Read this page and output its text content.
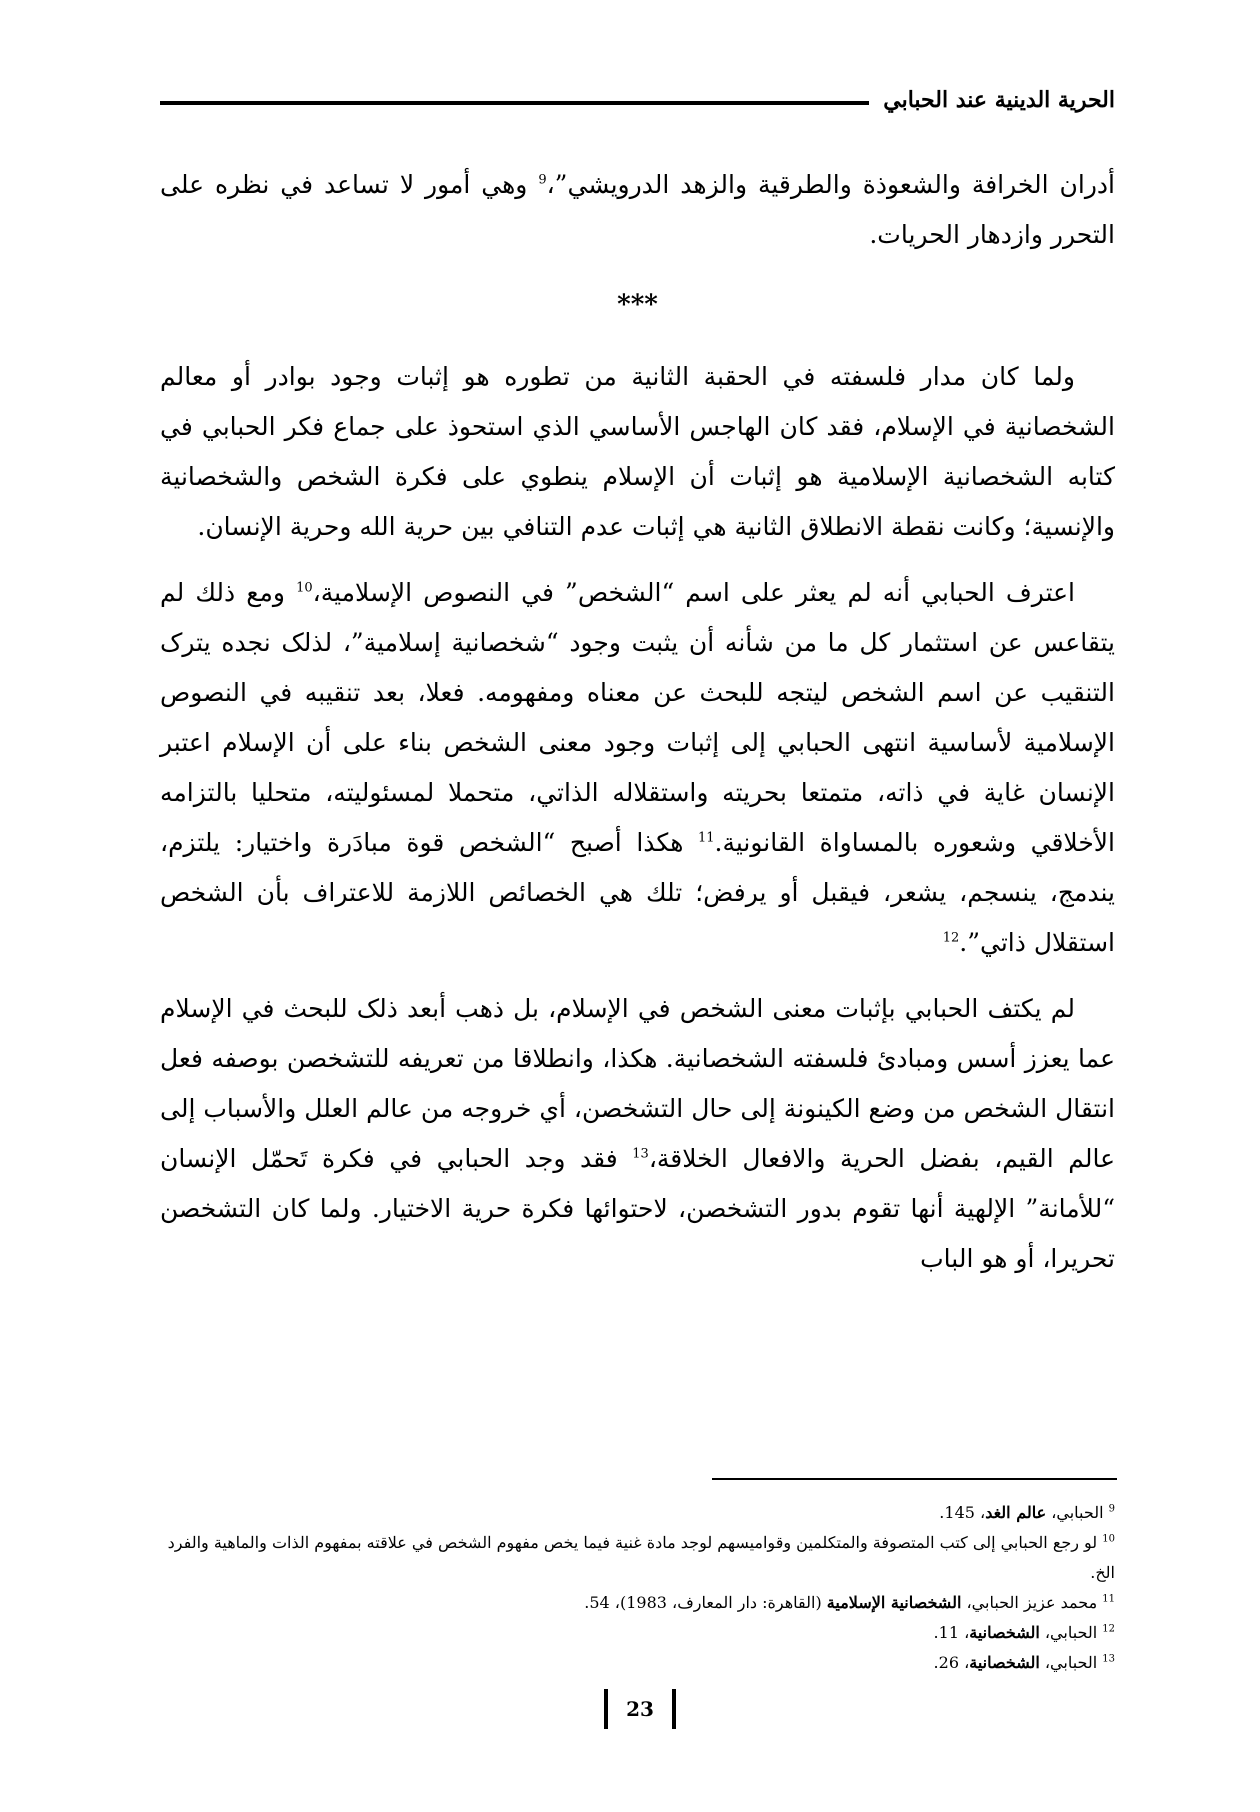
الحرية الدينية عند الحبابي

أدران الخرافة والشعوذة والطرقية والزهد الدرويشي”،$^9$ وهي أمور لا تساعد في نظره على التحرر وازدهار الحريات.

***

ولما كان مدار فلسفته في الحقبة الثانية من تطوره هو إثبات وجود بوادر أو معالم الشخصانية في الإسلام، فقد كان الهاجس الأساسي الذي استحوذ على جماع فكر الحبابي في كتابه الشخصانية الإسلامية هو إثبات أن الإسلام ينطوي على فكرة الشخص والشخصانية والإنسية؛ وكانت نقطة الانطلاق الثانية هي إثبات عدم التنافي بين حرية الله وحرية الإنسان.

اعترف الحبابي أنه لم يعثر على اسم “الشخص” في النصوص الإسلامية،$^{10}$ ومع ذلك لم يتقاعس عن استثمار كل ما من شأنه أن يثبت وجود “شخصانية إسلامية”، لذلک نجده يترک التنقيب عن اسم الشخص ليتجه للبحث عن معناه ومفهومه. فعلا، بعد تنقيبه في النصوص الإسلامية لأساسية انتهى الحبابي إلى إثبات وجود معنى الشخص بناء على أن الإسلام اعتبر الإنسان غاية في ذاته، متمتعا بحريته واستقلاله الذاتي، متحملا لمسئوليته، متحليا بالتزامه الأخلاقي وشعوره بالمساواة القانونية.$^{11}$ هكذا أصبح “الشخص قوة مبادَرة واختيار: يلتزم، يندمج، ينسجم، يشعر، فيقبل أو يرفض؛ تلك هي الخصائص اللازمة للاعتراف بأن الشخص استقلال ذاتي”.$^{12}$

لم يكتف الحبابي بإثبات معنى الشخص في الإسلام، بل ذهب أبعد ذلک للبحث في الإسلام عما يعزز أسس ومبادئ فلسفته الشخصانية. هكذا، وانطلاقا من تعريفه للتشخصن بوصفه فعل انتقال الشخص من وضع الكينونة إلى حال التشخصن، أي خروجه من عالم العلل والأسباب إلى عالم القيم، بفضل الحرية والافعال الخلاقة،$^{13}$ فقد وجد الحبابي في فكرة تَحمّل الإنسان “للأمانة” الإلهية أنها تقوم بدور التشخصن، لاحتوائها فكرة حرية الاختيار. ولما كان التشخصن تحريرا، أو هو الباب

$^9$ الحبابي، عالم الغد، 145.

$^{10}$ لو رجع الحبابي إلى كتب المتصوفة والمتكلمين وقواميسهم لوجد مادة غنية فيما يخص مفهوم الشخص في علاقته بمفهوم الذات والماهية والفرد الخ.

$^{11}$ محمد عزيز الحبابي، الشخصانية الإسلامية (القاهرة: دار المعارف، 1983)، 54.

$^{12}$ الحبابي، الشخصانية، 11.

$^{13}$ الحبابي، الشخصانية، 26.

23
